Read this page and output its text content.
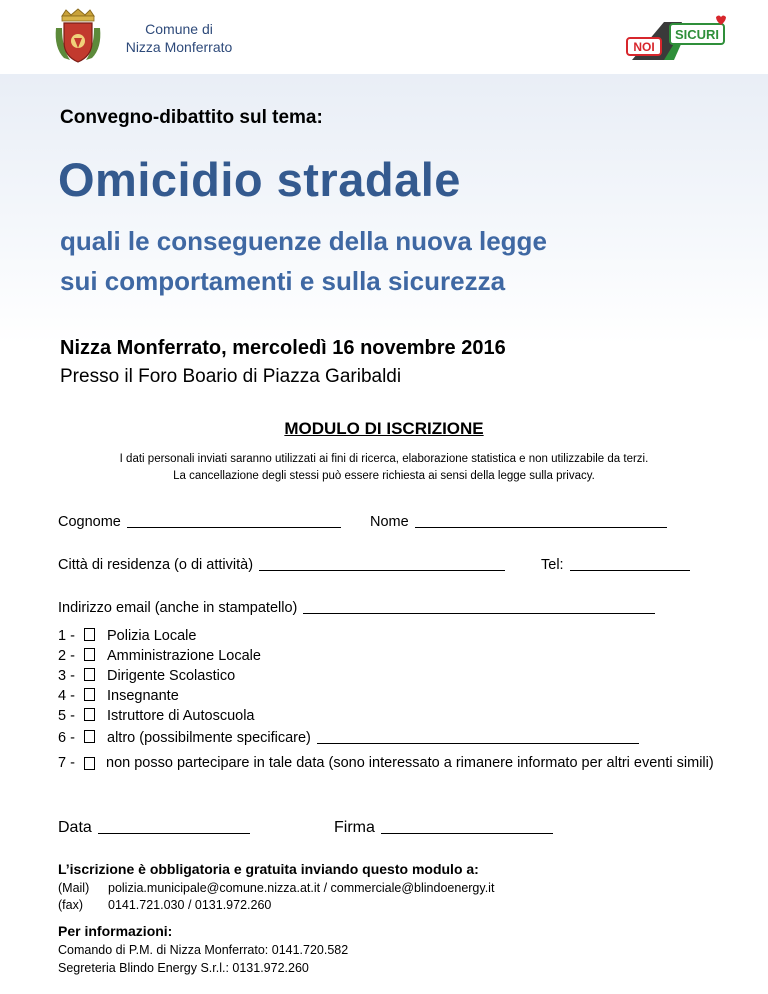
Comune di
Nizza Monferrato	NOI
SICURI
Convegno-dibattito sul tema:
Omicidio stradale
quali le conseguenze della nuova legge
sui comportamenti e sulla sicurezza
Nizza Monferrato, mercoledì 16 novembre 2016
Presso il Foro Boario di Piazza Garibaldi
MODULO DI ISCRIZIONE
I dati personali inviati saranno utilizzati ai fini di ricerca, elaborazione statistica e non utilizzabile da terzi.
La cancellazione degli stessi può essere richiesta ai sensi della legge sulla privacy.
Cognome	Nome
Città di residenza (o di attività)	Tel:
Indirizzo email (anche in stampatello)
1 - Polizia Locale
2 - Amministrazione Locale
3 - Dirigente Scolastico
4 - Insegnante
5 - Istruttore di Autoscuola
6 - altro (possibilmente specificare)
7 -	non posso partecipare in tale data (sono interessato a rimanere informato per altri eventi simili)
Data	Firma
L’iscrizione è obbligatoria e gratuita inviando questo modulo a:
(Mail) polizia.municipale@comune.nizza.at.it / commerciale@blindoenergy.it
(fax) 0141.721.030 / 0131.972.260
Per informazioni:
Comando di P.M. di Nizza Monferrato: 0141.720.582
Segreteria Blindo Energy S.r.l.: 0131.972.260
